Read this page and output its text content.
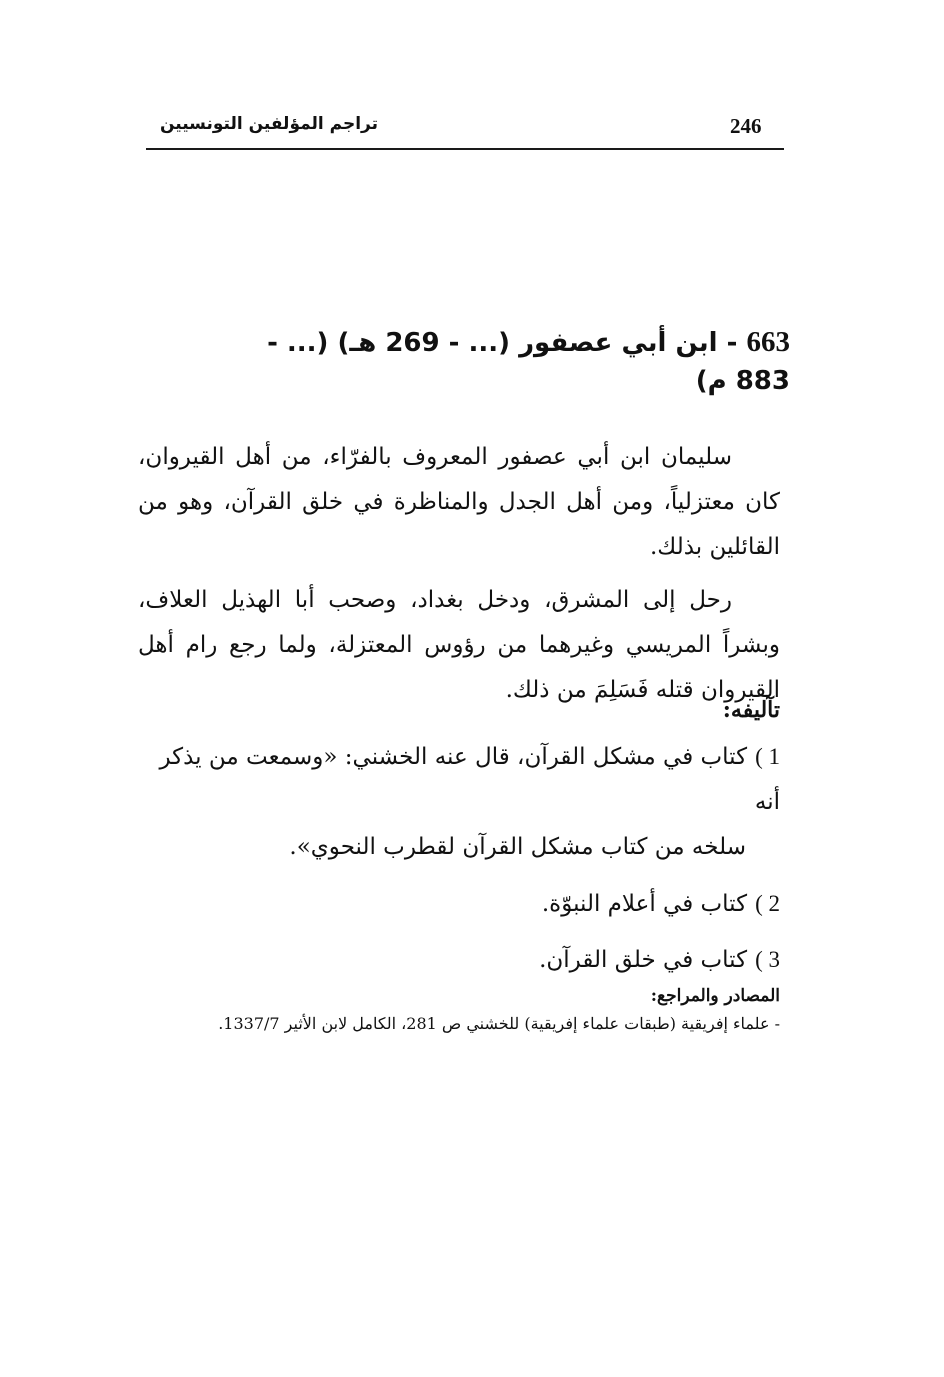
246
تراجم المؤلفين التونسيين
663 - ابن أبي عصفور (... - 269 هـ) (... - 883 م)

سليمان ابن أبي عصفور المعروف بالفرّاء، من أهل القيروان، كان معتزلياً، ومن أهل الجدل والمناظرة في خلق القرآن، وهو من القائلين بذلك.

رحل إلى المشرق، ودخل بغداد، وصحب أبا الهذيل العلاف، وبشراً المريسي وغيرهما من رؤوس المعتزلة، ولما رجع رام أهل القيروان قتله فَسَلِمَ من ذلك.

تآليفه:
1 )كتاب في مشكل القرآن، قال عنه الخشني: «وسمعت من يذكر أنه
سلخه من كتاب مشكل القرآن لقطرب النحوي».
2 )كتاب في أعلام النبوّة.
3 )كتاب في خلق القرآن.
المصادر والمراجع:
- علماء إفريقية (طبقات علماء إفريقية) للخشني ص 281، الكامل لابن الأثير 1337/7.
